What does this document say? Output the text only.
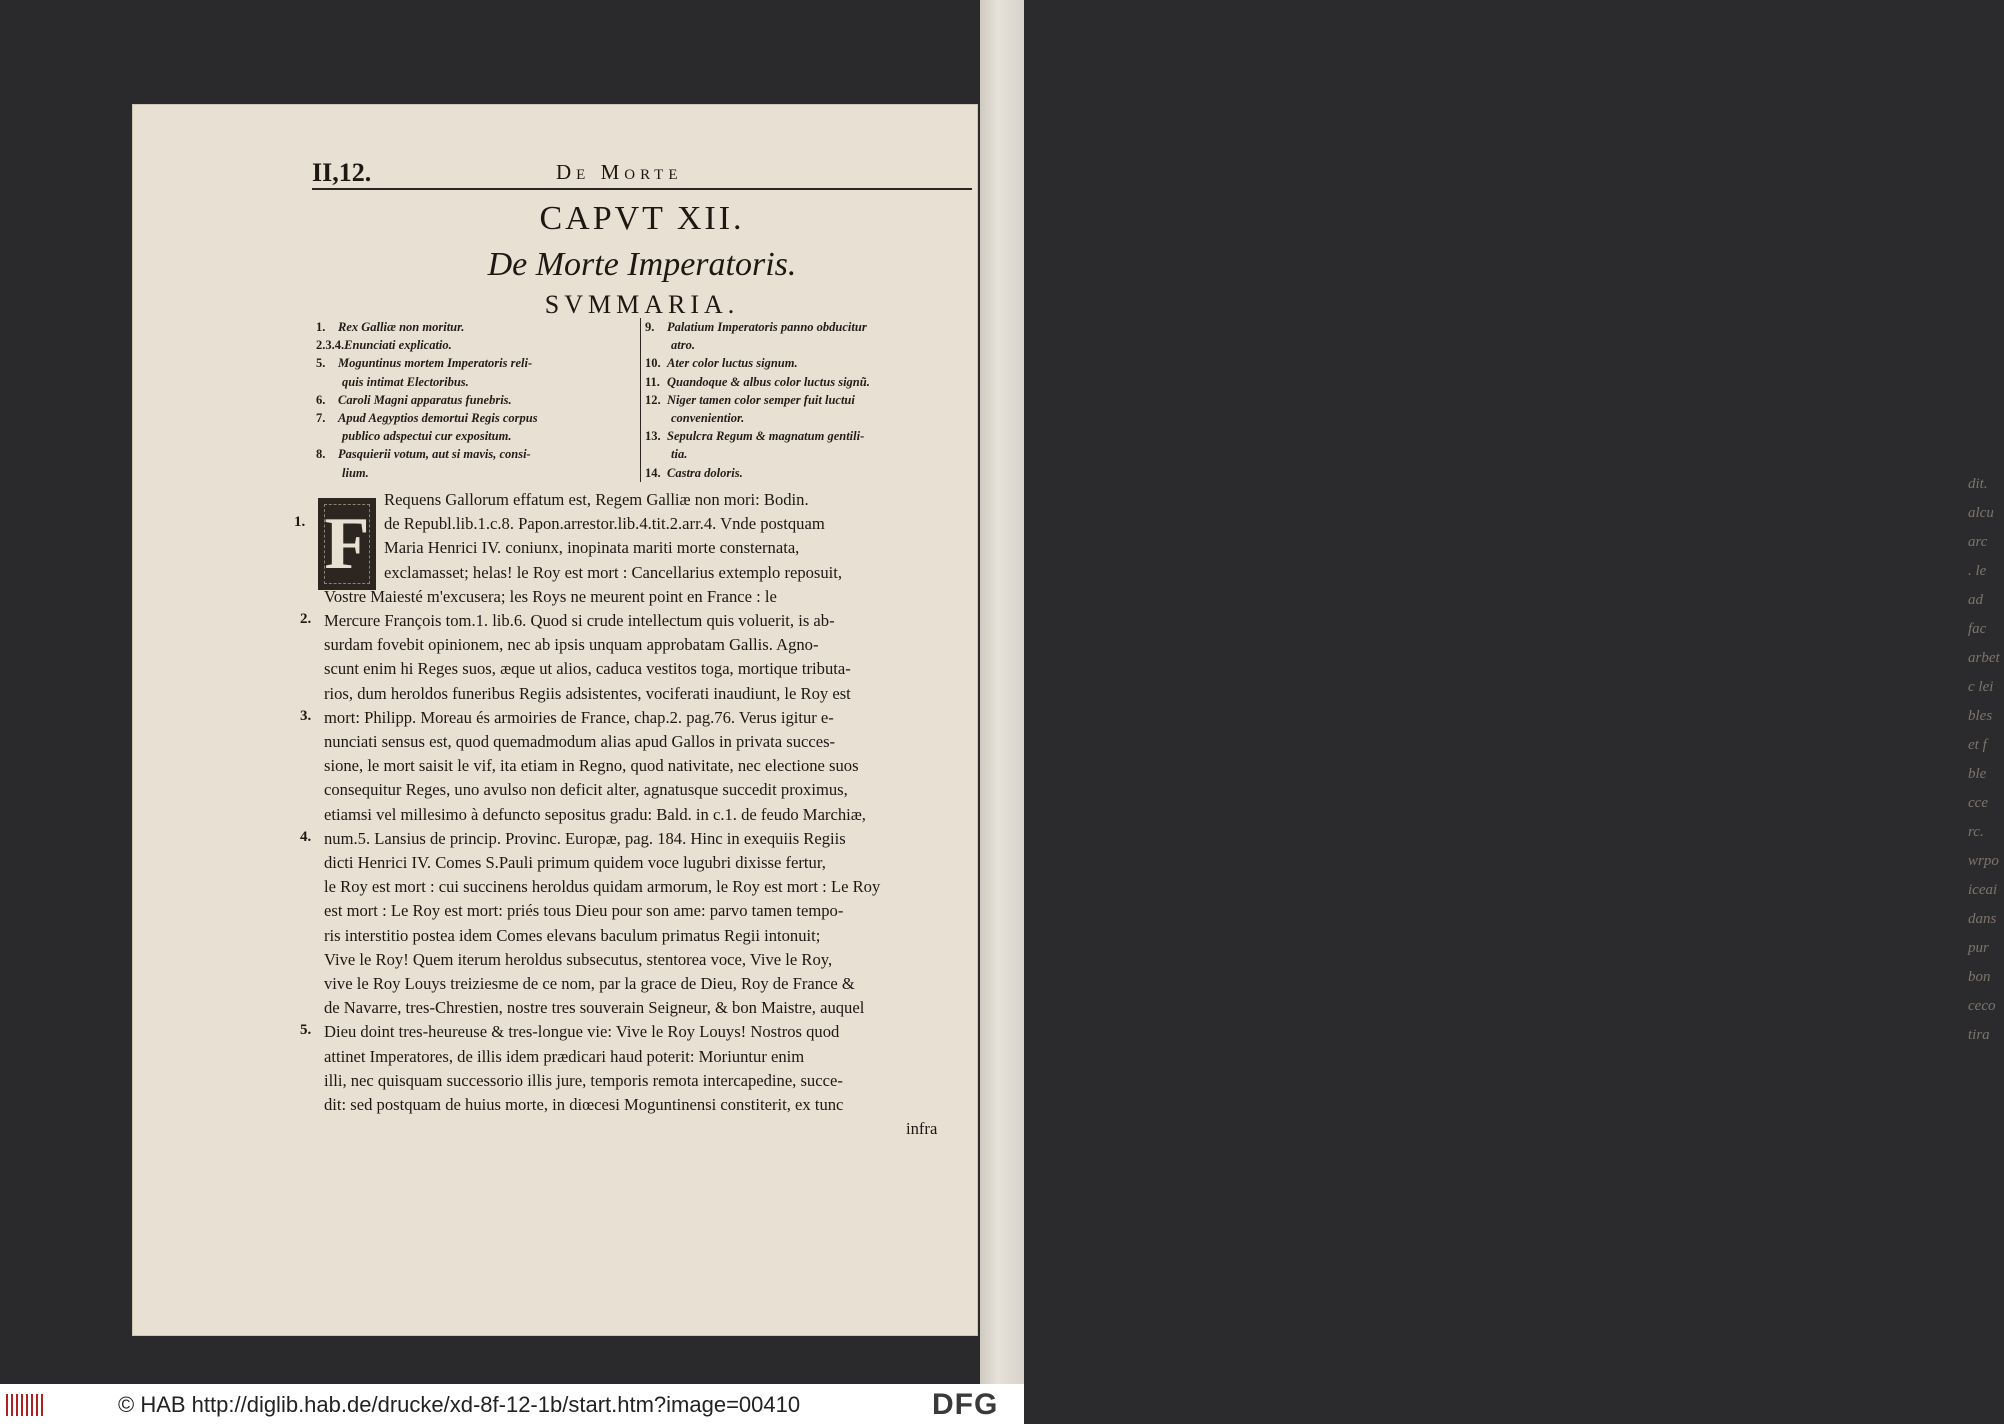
dit.
alcu
arc
. le
ad
fac
arbet
c lei
bles
et f
ble
cce
rc.
wrpo
iceai
dans
pur
bon
ceco
tira
II,12.	De Morte
CAPVT XII.
De Morte Imperatoris.
SVMMARIA.
1. Rex Galliæ non moritur.
2.3.4.Enunciati explicatio.
5. Moguntinus mortem Imperatoris reli-
quis intimat Electoribus.
6. Caroli Magni apparatus funebris.
7. Apud Aegyptios demortui Regis corpus
publico adspectui cur expositum.
8. Pasquierii votum, aut si mavis, consi-
lium.
9. Palatium Imperatoris panno obducitur
atro.
10. Ater color luctus signum.
11. Quandoque & albus color luctus signũ.
12. Niger tamen color semper fuit luctui
convenientior.
13. Sepulcra Regum & magnatum gentili-
tia.
14. Castra doloris.
F
Requens Gallorum effatum est, Regem Galliæ non mori: Bodin.
de Republ.lib.1.c.8. Papon.arrestor.lib.4.tit.2.arr.4. Vnde postquam
Maria Henrici IV. coniunx, inopinata mariti morte consternata,
exclamasset; helas! le Roy est mort : Cancellarius extemplo reposuit,
Vostre Maiesté m'excusera; les Roys ne meurent point en France : le
Mercure François tom.1. lib.6. Quod si crude intellectum quis voluerit, is ab-
surdam fovebit opinionem, nec ab ipsis unquam approbatam Gallis. Agno-
scunt enim hi Reges suos, æque ut alios, caduca vestitos toga, mortique tributa-
rios, dum heroldos funeribus Regiis adsistentes, vociferati inaudiunt, le Roy est
mort: Philipp. Moreau és armoiries de France, chap.2. pag.76. Verus igitur e-
nunciati sensus est, quod quemadmodum alias apud Gallos in privata succes-
sione, le mort saisit le vif, ita etiam in Regno, quod nativitate, nec electione suos
consequitur Reges, uno avulso non deficit alter, agnatusque succedit proximus,
etiamsi vel millesimo à defuncto sepositus gradu: Bald. in c.1. de feudo Marchiæ,
num.5. Lansius de princip. Provinc. Europæ, pag. 184. Hinc in exequiis Regiis
dicti Henrici IV. Comes S.Pauli primum quidem voce lugubri dixisse fertur,
le Roy est mort : cui succinens heroldus quidam armorum, le Roy est mort : Le Roy
est mort : Le Roy est mort: priés tous Dieu pour son ame: parvo tamen tempo-
ris interstitio postea idem Comes elevans baculum primatus Regii intonuit;
Vive le Roy! Quem iterum heroldus subsecutus, stentorea voce, Vive le Roy,
vive le Roy Louys treiziesme de ce nom, par la grace de Dieu, Roy de France &
de Navarre, tres-Chrestien, nostre tres souverain Seigneur, & bon Maistre, auquel
Dieu doint tres-heureuse & tres-longue vie: Vive le Roy Louys! Nostros quod
attinet Imperatores, de illis idem prædicari haud poterit: Moriuntur enim
illi, nec quisquam successorio illis jure, temporis remota intercapedine, succe-
dit: sed postquam de huius morte, in diœcesi Moguntinensi constiterit, ex tunc
infra
1.
2.
3.
4.
5.
© HAB http://diglib.hab.de/drucke/xd-8f-12-1b/start.htm?image=00410	DFG
